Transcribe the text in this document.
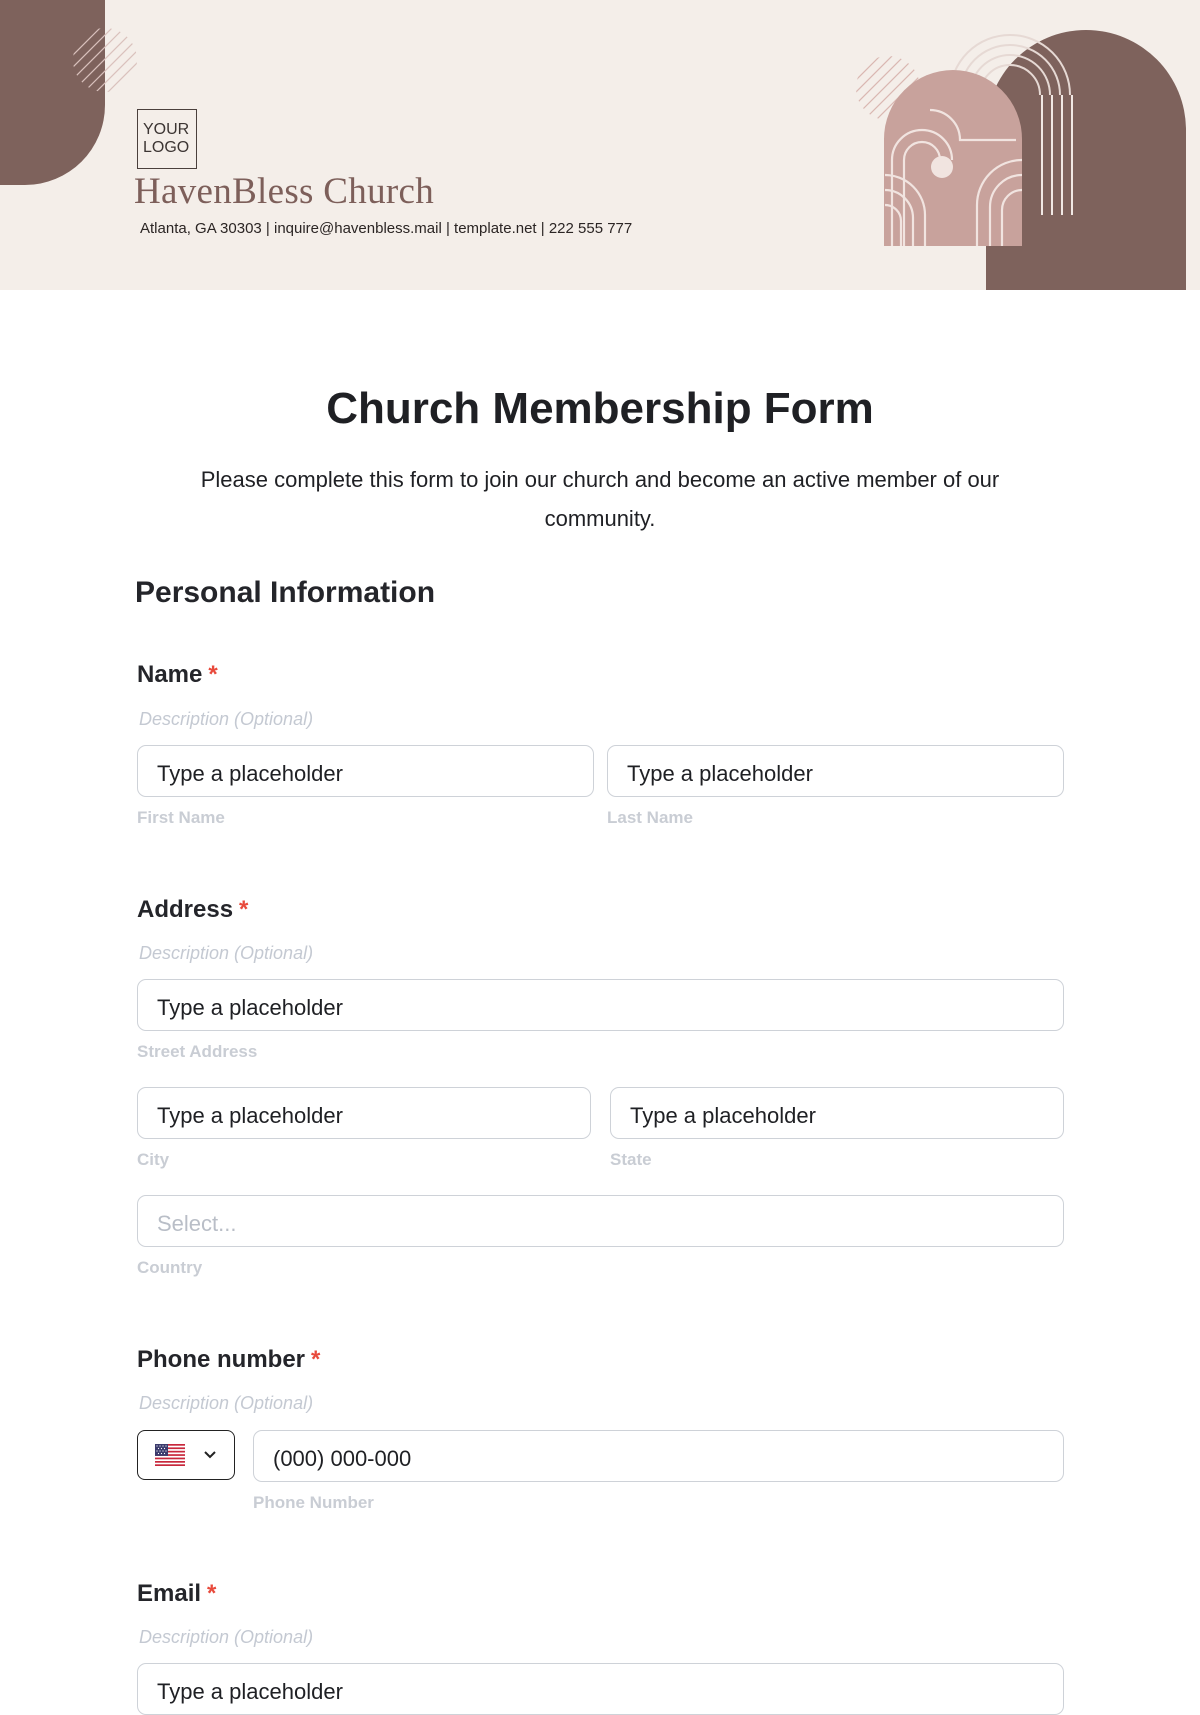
YOUR
LOGO
HavenBless Church
Atlanta, GA 30303 | inquire@havenbless.mail | template.net | 222 555 777
Church Membership Form

Please complete this form to join our church and become an active member of our community.

Personal Information
Name *
Description (Optional)
Type a placeholder
First Name
Type a placeholder
Last Name
Address *
Description (Optional)
Type a placeholder
Street Address
Type a placeholder
City
Type a placeholder
State
Select...
Country
Phone number *
Description (Optional)
(000) 000-000
Phone Number
Email *
Description (Optional)
Type a placeholder
